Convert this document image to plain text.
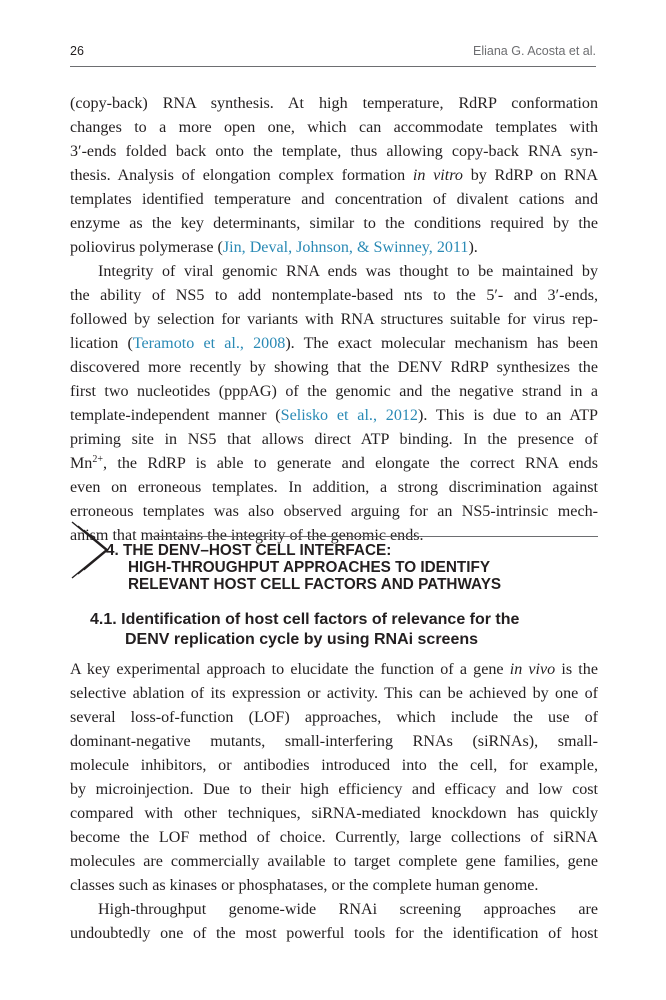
26	Eliana G. Acosta et al.
(copy-back) RNA synthesis. At high temperature, RdRP conformation
changes to a more open one, which can accommodate templates with
3′-ends folded back onto the template, thus allowing copy-back RNA syn-
thesis. Analysis of elongation complex formation in vitro by RdRP on RNA
templates identified temperature and concentration of divalent cations and
enzyme as the key determinants, similar to the conditions required by the
poliovirus polymerase (Jin, Deval, Johnson, & Swinney, 2011).
Integrity of viral genomic RNA ends was thought to be maintained by
the ability of NS5 to add nontemplate-based nts to the 5′- and 3′-ends,
followed by selection for variants with RNA structures suitable for virus rep-
lication (Teramoto et al., 2008). The exact molecular mechanism has been
discovered more recently by showing that the DENV RdRP synthesizes the
first two nucleotides (pppAG) of the genomic and the negative strand in a
template-independent manner (Selisko et al., 2012). This is due to an ATP
priming site in NS5 that allows direct ATP binding. In the presence of
$Mn^{2+}$, the RdRP is able to generate and elongate the correct RNA ends
even on erroneous templates. In addition, a strong discrimination against
erroneous templates was also observed arguing for an NS5-intrinsic mech-
anism that maintains the integrity of the genomic ends.
4. THE DENV–HOST CELL INTERFACE:
HIGH-THROUGHPUT APPROACHES TO IDENTIFY
RELEVANT HOST CELL FACTORS AND PATHWAYS
4.1. Identification of host cell factors of relevance for the
DENV replication cycle by using RNAi screens
A key experimental approach to elucidate the function of a gene in vivo is the
selective ablation of its expression or activity. This can be achieved by one of
several loss-of-function (LOF) approaches, which include the use of
dominant-negative mutants, small-interfering RNAs (siRNAs), small-
molecule inhibitors, or antibodies introduced into the cell, for example,
by microinjection. Due to their high efficiency and efficacy and low cost
compared with other techniques, siRNA-mediated knockdown has quickly
become the LOF method of choice. Currently, large collections of siRNA
molecules are commercially available to target complete gene families, gene
classes such as kinases or phosphatases, or the complete human genome.
High-throughput genome-wide RNAi screening approaches are
undoubtedly one of the most powerful tools for the identification of host
